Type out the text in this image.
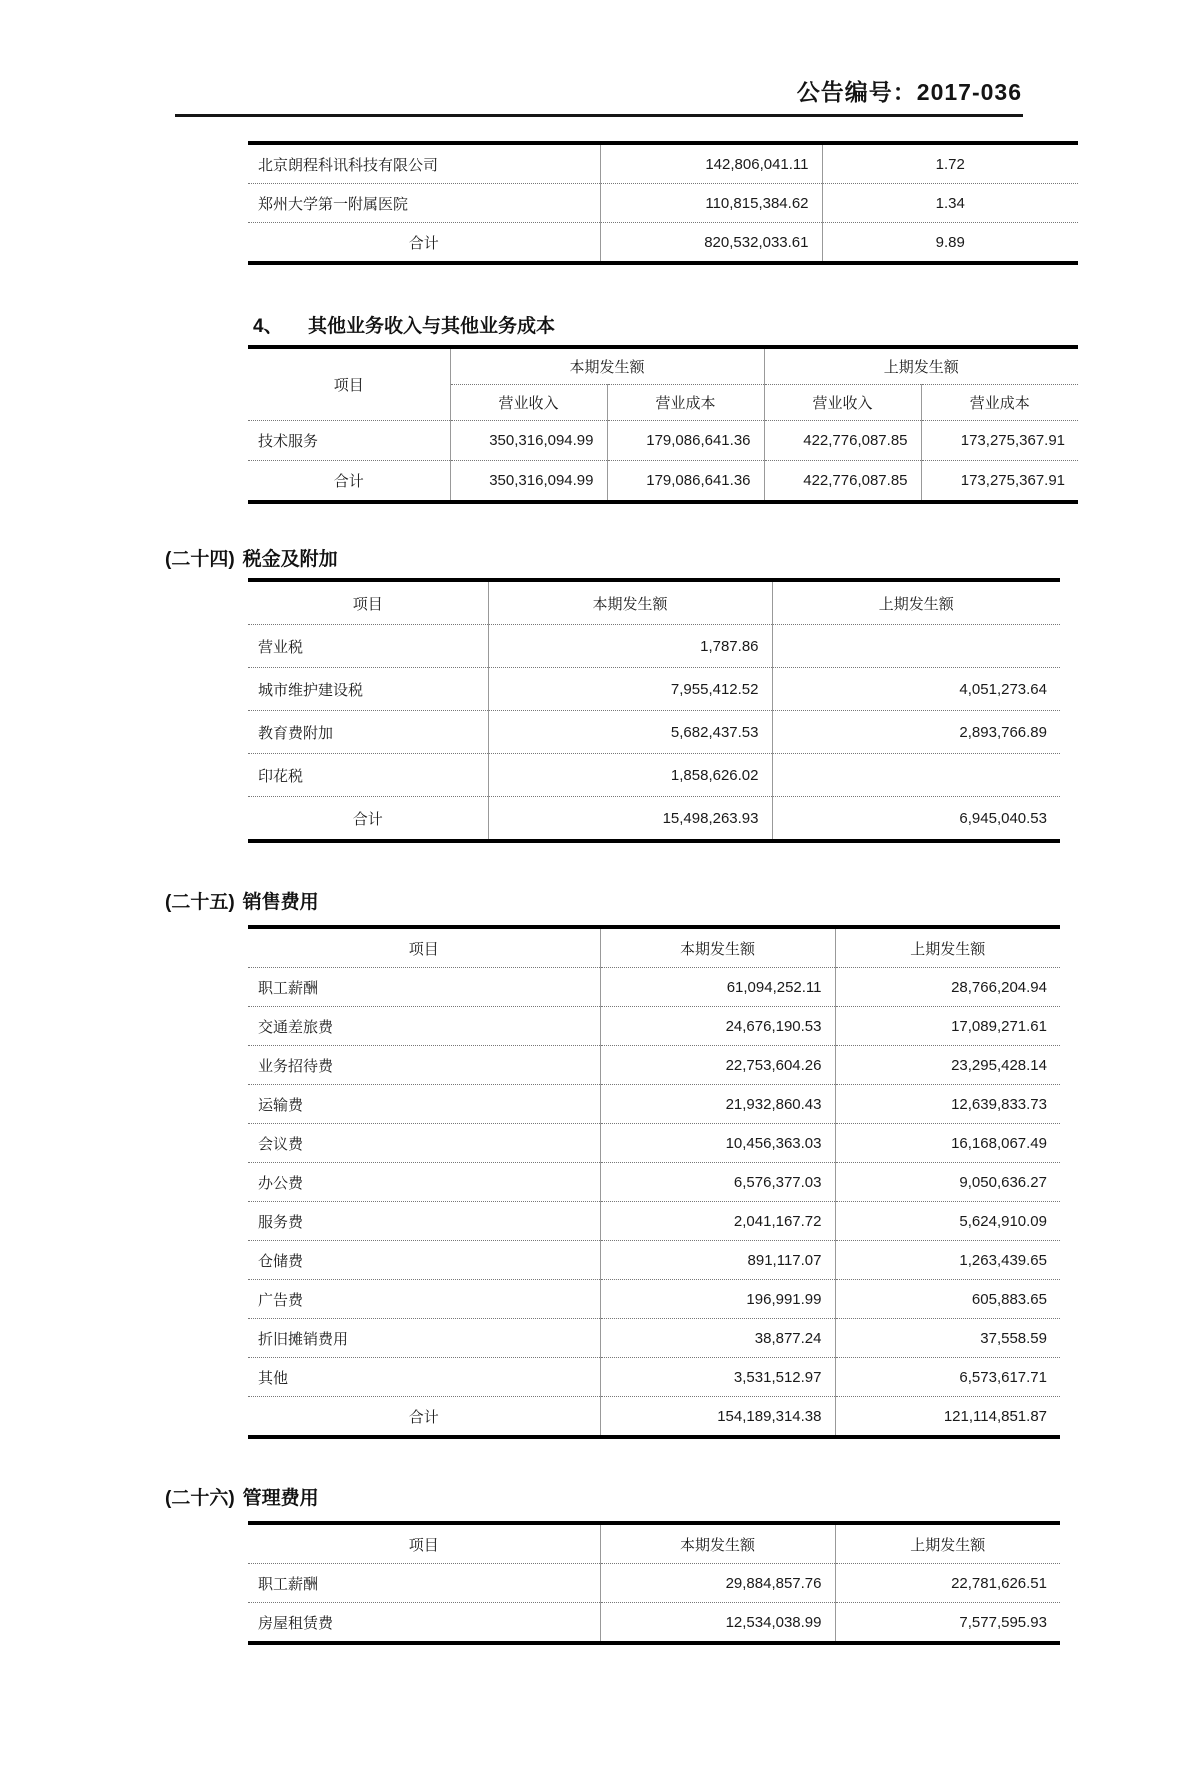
公告编号：2017-036
北京朗程科讯科技有限公司	142,806,041.11	1.72
郑州大学第一附属医院	110,815,384.62	1.34
合计	820,532,033.61	9.89
4、 其他业务收入与其他业务成本
项目	本期发生额		上期发生额	
	营业收入	营业成本	营业收入	营业成本
技术服务	350,316,094.99	179,086,641.36	422,776,087.85	173,275,367.91
合计	350,316,094.99	179,086,641.36	422,776,087.85	173,275,367.91
(二十四) 税金及附加
项目	本期发生额	上期发生额
营业税	1,787.86	
城市维护建设税	7,955,412.52	4,051,273.64
教育费附加	5,682,437.53	2,893,766.89
印花税	1,858,626.02	
合计	15,498,263.93	6,945,040.53
(二十五) 销售费用
项目	本期发生额	上期发生额
职工薪酬	61,094,252.11	28,766,204.94
交通差旅费	24,676,190.53	17,089,271.61
业务招待费	22,753,604.26	23,295,428.14
运输费	21,932,860.43	12,639,833.73
会议费	10,456,363.03	16,168,067.49
办公费	6,576,377.03	9,050,636.27
服务费	2,041,167.72	5,624,910.09
仓储费	891,117.07	1,263,439.65
广告费	196,991.99	605,883.65
折旧摊销费用	38,877.24	37,558.59
其他	3,531,512.97	6,573,617.71
合计	154,189,314.38	121,114,851.87
(二十六) 管理费用
项目	本期发生额	上期发生额
职工薪酬	29,884,857.76	22,781,626.51
房屋租赁费	12,534,038.99	7,577,595.93
